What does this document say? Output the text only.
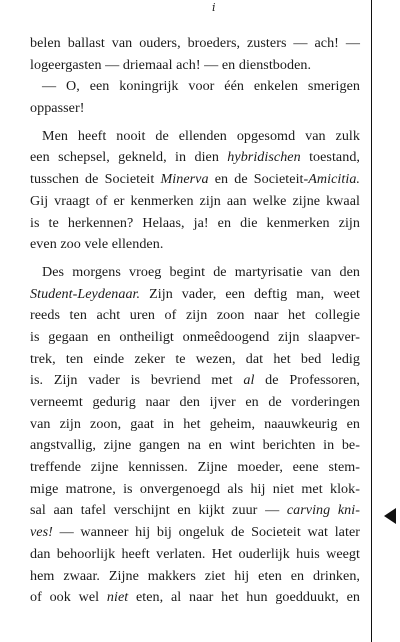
i
belen ballast van ouders, broeders, zusters — ach! —
logeergasten — driemaal ach! — en dienstboden.
— O, een koningrijk voor één enkelen smerigen
oppasser!
Men heeft nooit de ellenden opgesomd van zulk
een schepsel, gekneld, in dien hybridischen toestand,
tusschen de Societeit Minerva en de Societeit-Amicitia.
Gij vraagt of er kenmerken zijn aan welke zijne kwaal
is te herkennen? Helaas, ja! en die kenmerken zijn
even zoo vele ellenden.
Des morgens vroeg begint de martyrisatie van den
Student-Leydenaar. Zijn vader, een deftig man, weet
reeds ten acht uren of zijn zoon naar het collegie
is gegaan en ontheiligt onmeêdoogend zijn slaapver-
trek, ten einde zeker te wezen, dat het bed ledig
is. Zijn vader is bevriend met al de Professoren,
verneemt gedurig naar den ijver en de vorderingen
van zijn zoon, gaat in het geheim, naauwkeurig en
angstvallig, zijne gangen na en wint berichten in be-
treffende zijne kennissen. Zijne moeder, eene stem-
mige matrone, is onvergenoegd als hij niet met klok-
sal aan tafel verschijnt en kijkt zuur — carving kni-
ves! — wanneer hij bij ongeluk de Societeit wat later
dan behoorlijk heeft verlaten. Het ouderlijk huis weegt
hem zwaar. Zijne makkers ziet hij eten en drinken,
of ook wel niet eten, al naar het hun goedduukt, en
